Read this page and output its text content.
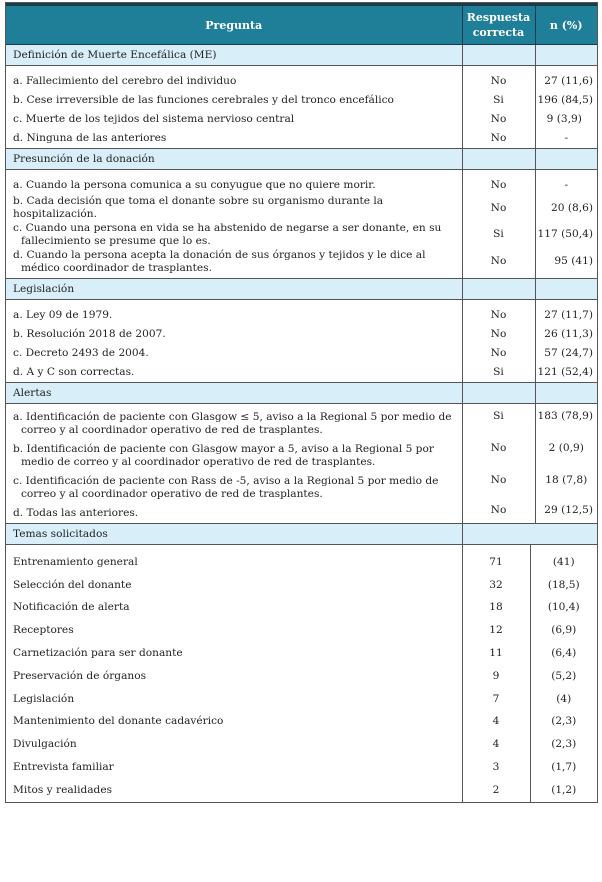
Pregunta	Respuesta correcta	n (%)
Definición de Muerte Encefálica (ME)		

a. Fallecimiento del cerebro del individuo	No	27 (11,6)
b. Cese irreversible de las funciones cerebrales y del tronco encefálico	Si	196 (84,5)
c. Muerte de los tejidos del sistema nervioso central	No	9 (3,9)
d. Ninguna de las anteriores	No	-
Presunción de la donación		

a. Cuando la persona comunica a su conyugue que no quiere morir.	No	-
b. Cada decisión que toma el donante sobre su organismo durante la hospitalización.	No	20 (8,6)

c. Cuando una persona en vida se ha abstenido de negarse a ser donante, en su fallecimiento se presume que lo es.	Si	117 (50,4)

d. Cuando la persona acepta la donación de sus órganos y tejidos y le dice al médico coordinador de trasplantes.	No	95 (41)
Legislación		

a. Ley 09 de 1979.	No	27 (11,7)
b. Resolución 2018 de 2007.	No	26 (11,3)
c. Decreto 2493 de 2004.	No	57 (24,7)
d. A y C son correctas.	Si	121 (52,4)
Alertas		

a. Identificación de paciente con Glasgow ≤ 5, aviso a la Regional 5 por medio de correo y al coordinador operativo de red de trasplantes.	Si	183 (78,9)

b. Identificación de paciente con Glasgow mayor a 5, aviso a la Regional 5 por medio de correo y al coordinador operativo de red de trasplantes.	No	2 (0,9)

c. Identificación de paciente con Rass de -5, aviso a la Regional 5 por medio de correo y al coordinador operativo de red de trasplantes.	No	18 (7,8)
d. Todas las anteriores.	No	29 (12,5)
Temas solicitados		

Entrenamiento general	71	(41)
Selección del donante	32	(18,5)
Notificación de alerta	18	(10,4)
Receptores	12	(6,9)
Carnetización para ser donante	11	(6,4)
Preservación de órganos	9	(5,2)
Legislación	7	(4)
Mantenimiento del donante cadavérico	4	(2,3)
Divulgación	4	(2,3)
Entrevista familiar	3	(1,7)
Mitos y realidades	2	(1,2)
